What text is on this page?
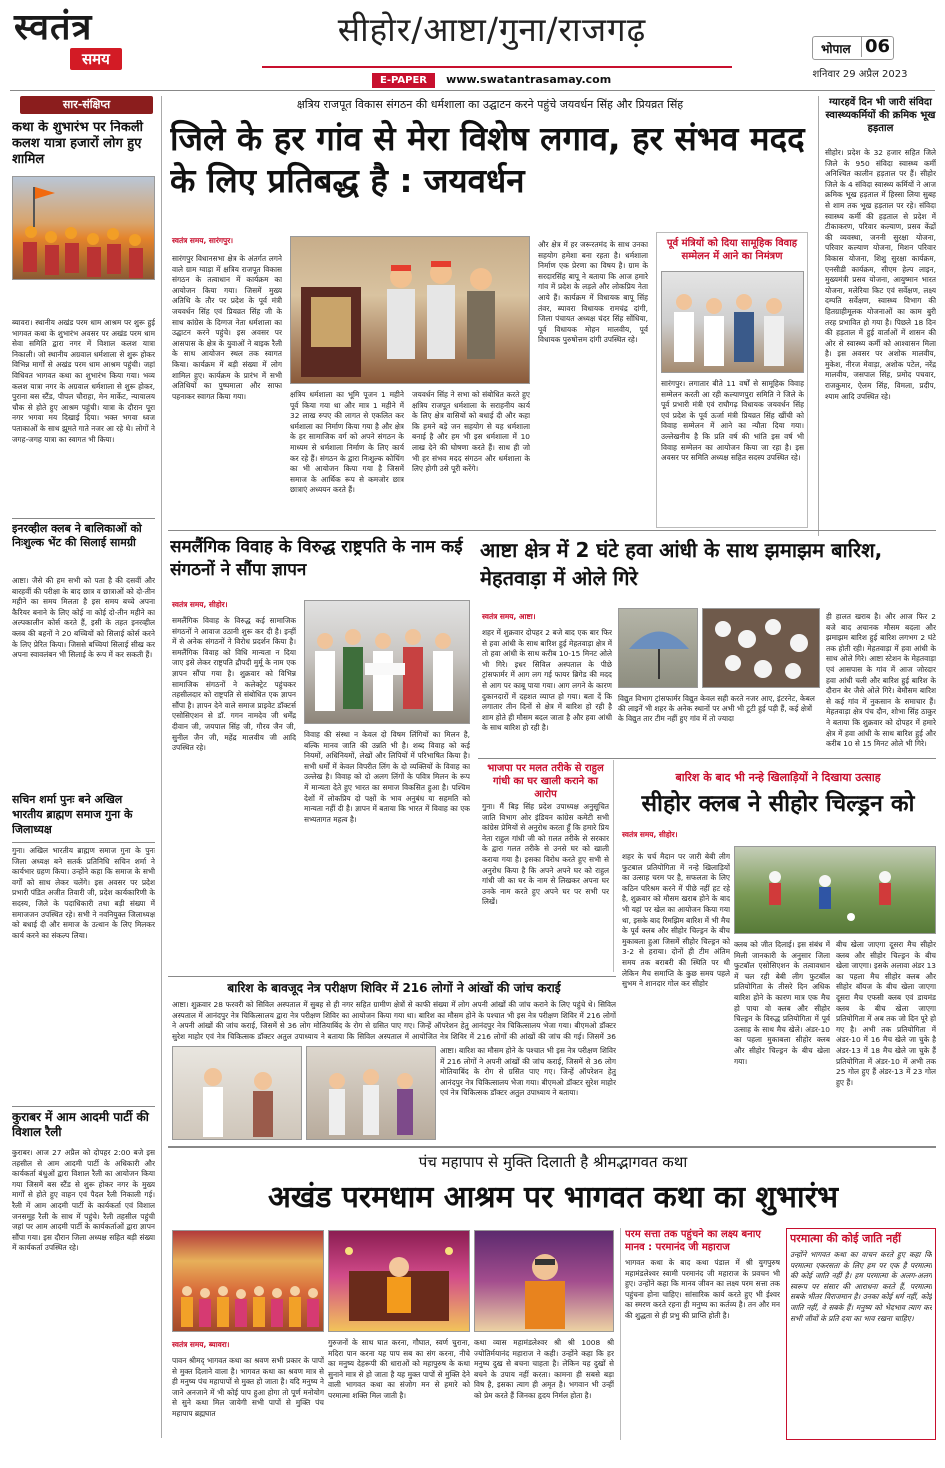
स्वतंत्र
समय
सीहोर/आष्टा/गुना/राजगढ़
E-PAPER www.swatantrasamay.com
भोपाल 06
शनिवार 29 अप्रैल 2023
सार-संक्षिप्त
कथा के शुभारंभ पर निकली कलश यात्रा हजारों लोग हुए शामिल
ब्यावरा। स्थानीय अखंड परम धाम आश्रम पर शुरू हुई भागवत कथा के शुभारंभ अवसर पर अखंड परम धाम सेवा समिति द्वारा नगर में विशाल कलश यात्रा निकाली। जो स्थानीय अग्रवाल धर्मशाला से शुरू होकर विभिन्न मार्गों से अखंड परम धाम आश्रम पहुंची। जहां विधिवत भागवत कथा का शुभारंभ किया गया। भव्य कलश यात्रा नगर के अग्रवाल धर्मशाला से शुरू होकर, पुराना बस स्टैंड, पीपल चौराहा, मेन मार्केट, न्यायालय चौक से होते हुए आश्रम पहुंची। यात्रा के दौरान पूरा नगर भगवा मय दिखाई दिया। भक्त भगवा ध्वज पताकाओं के साथ झूमते गाते नजर आ रहे थे। लोगों ने जगह-जगह यात्रा का स्वागत भी किया।
इनरव्हील क्लब ने बालिकाओं को निःशुल्क भेंट की सिलाई सामग्री
आष्टा। जैसे की हम सभी को पता है की दसवीं और बारहवीं की परीक्षा के बाद छात्र व छात्राओं को दो-तीन महीने का समय मिलता है इस समय बच्चे अपना कैरियर बनाने के लिए कोई ना कोई दो-तीन महीने का अल्पकालीन कोर्स करते हैं, इसी के तहत इनरव्हील क्लब की बहनों ने 20 बच्चियों को सिलाई कोर्स करने के लिए प्रेरित किया। जिससे बच्चियां सिलाई सीख कर अपना स्वावलंबन भी सिलाई के रूप में कर सकती हैं।
सचिन शर्मा पुनः बने अखिल भारतीय ब्राह्मण समाज गुना के जिलाध्यक्ष
गुना। अखिल भारतीय ब्राह्मण समाज गुना के पुनः जिला अध्यक्ष बने सतर्क प्रतिनिधि सचिन शर्मा ने कार्यभार ग्रहण किया। उन्होंने कहा कि समाज के सभी वर्गों को साथ लेकर चलेंगे। इस अवसर पर प्रदेश प्रभारी पंडित अजीत तिवारी जी, प्रदेश कार्यकारिणी के सदस्य, जिले के पदाधिकारी तथा बड़ी संख्या में समाजजन उपस्थित रहे। सभी ने नवनियुक्त जिलाध्यक्ष को बधाई दी और समाज के उत्थान के लिए मिलकर कार्य करने का संकल्प लिया।
कुराबर में आम आदमी पार्टी की विशाल रैली
कुराबर। आज 27 अप्रैल को दोपहर 2:00 बजे इस तहसील से आम आदमी पार्टी के अधिकारी और कार्यकर्ता बंधुओं द्वारा विशाल रैली का आयोजन किया गया जिसमें बस स्टैंड से शुरू होकर नगर के मुख्य मार्गों से होते हुए वाहन एवं पैदल रैली निकाली गई। रैली में आम आदमी पार्टी के कार्यकर्ता एवं विशाल जनसमूह रैली के साथ में पहुंचे। रैली तहसील पहुंची जहां पर आम आदमी पार्टी के कार्यकर्ताओं द्वारा ज्ञापन सौंपा गया। इस दौरान जिला अध्यक्ष सहित बड़ी संख्या में कार्यकर्ता उपस्थित रहे।
क्षत्रिय राजपूत विकास संगठन की धर्मशाला का उद्घाटन करने पहुंचे जयवर्धन सिंह और प्रियव्रत सिंह
जिले के हर गांव से मेरा विशेष लगाव, हर संभव मदद के लिए प्रतिबद्ध है : जयवर्धन
स्वतंत्र समय, सारंगपुर।
सारंगपुर विधानसभा क्षेत्र के अंतर्गत लगने वाले ग्राम ग्वाड़ा में क्षत्रिय राजपूत विकास संगठन के तत्वाधान में कार्यक्रम का आयोजन किया गया। जिसमें मुख्य अतिथि के तौर पर प्रदेश के पूर्व मंत्री जयवर्धन सिंह एवं प्रियव्रत सिंह जी के साथ कांग्रेस के दिग्गज नेता धर्मशाला का उद्घाटन करने पहुंचे। इस अवसर पर आसपास के क्षेत्र के युवाओं ने बाइक रैली के साथ आयोजन स्थल तक स्वागत किया। कार्यक्रम में बड़ी संख्या में लोग शामिल हुए। कार्यक्रम के प्रारंभ में सभी अतिथियों का पुष्पमाला और साफा पहनाकर स्वागत किया गया।	क्षत्रिय धर्मशाला का भूमि पूजन 1 महीने पूर्व किया गया था और मात्र 1 महीने में 32 लाख रुपए की लागत से एकलित कर धर्मशाला का निर्माण किया गया है और क्षेत्र के हर सामाजिक वर्ग को अपने संगठन के माध्यम से धर्मशाला निर्माण के लिए कार्य कर रहे हैं। संगठन के द्वारा निःशुल्क कोचिंग का भी आयोजन किया गया है जिसमें समाज के आर्थिक रूप से कमजोर छात्र छात्राएं अध्ययन करते हैं।
जयवर्धन सिंह ने सभा को संबोधित करते हुए क्षत्रिय राजपूत धर्मशाला के सराहनीय कार्य के लिए क्षेत्र वासियों को बधाई दी और कहा कि हमने बड़े जन सहयोग से यह धर्मशाला बनाई है और हम भी इस धर्मशाला में 10 लाख देने की घोषणा करते हैं। साथ ही जो भी हर संभव मदद संगठन और धर्मशाला के लिए होगी उसे पूरी करेंगे।
और क्षेत्र में हर जरूरतमंद के साथ उनका सहयोग हमेशा बना रहता है। धर्मशाला निर्माण एक प्रेरणा का विषय है। ग्राम के सरदारसिंह बापू ने बताया कि आज हमारे गांव में प्रदेश के लड़ले और लोकप्रिय नेता आये हैं। कार्यक्रम में विधायक बापू सिंह तंवर, ब्यावरा विधायक रामचंद्र दांगी, जिला पंचायत अध्यक्ष चंदर सिंह सोंधिया, पूर्व विधायक मोहन मालवीय, पूर्व विधायक पुरुषोत्तम दांगी उपस्थित रहे।
पूर्व मंत्रियों को दिया सामूहिक विवाह सम्मेलन में आने का निमंत्रण
सारंगपुर। लगातार बीते 11 वर्षों से सामूहिक विवाह सम्मेलन करती आ रही कल्याणपुरा समिति ने जिले के पूर्व प्रभारी मंत्री एवं राघौगढ़ विधायक जयवर्धन सिंह एवं प्रदेश के पूर्व ऊर्जा मंत्री प्रियव्रत सिंह खींची को विवाह सम्मेलन में आने का न्यौता दिया गया। उल्लेखनीय है कि प्रति वर्ष की भांति इस वर्ष भी विवाह सम्मेलन का आयोजन किया जा रहा है। इस अवसर पर समिति अध्यक्ष सहित सदस्य उपस्थित रहे।
ग्यारहवें दिन भी जारी संविदा स्वास्थ्यकर्मियों की क्रमिक भूख हड़ताल
सीहोर। प्रदेश के 32 हजार सहित जिले जिले के 950 संविदा स्वास्थ्य कर्मी अनिश्चित कालीन हड़ताल पर हैं। सीहोर जिले के 4 संविदा स्वास्थ्य कर्मियों ने आज क्रमिक भूख हड़ताल में हिस्सा लिया सुबह से शाम तक भूख हड़ताल पर रहे। संविदा स्वास्थ्य कर्मी की हड़ताल से प्रदेश में टीकाकरण, परिवार कल्याण, प्रसव केंद्रों की व्यवस्था, जननी सुरक्षा योजना, परिवार कल्याण योजना, मिशन परिवार विकास योजना, शिशु सुरक्षा कार्यक्रम, एनसीडी कार्यक्रम, सीएम हेल्प लाइन, मुख्यमंत्री प्रसव योजना, आयुष्मान भारत योजना, मलेरिया किट एवं सर्वेक्षण, लक्ष्य दम्पति सर्वेक्षण, स्वास्थ्य विभाग की हितग्राहीमूलक योजनाओं का काम बुरी तरह प्रभावित हो गया है। पिछले 18 दिन की हड़ताल में हुई वार्ताओं में शासन की ओर से स्वास्थ्य कर्मी को आश्वासन मिला है। इस अवसर पर अशोक मालवीय, मुकेश, नीरज मेवाड़ा, अशोक पटेल, नरेंद्र मालवीय, जसपाल सिंह, प्रमोद पचवार, राजकुमार, ऐलम सिंह, विमला, प्रदीप, श्याम आदि उपस्थित रहे।
समलैंगिक विवाह के विरुद्ध राष्ट्रपति के नाम कई संगठनों ने सौंपा ज्ञापन
स्वतंत्र समय, सीहोर।
समलैंगिक विवाह के विरुद्ध कई सामाजिक संगठनों ने आवाज उठानी शुरू कर दी है। इन्हीं में से अनेक संगठनों ने विरोध प्रदर्शन किया है। समलैंगिक विवाह को विधि मान्यता न दिया जाए इसे लेकर राष्ट्रपति द्रौपदी मुर्मू के नाम एक ज्ञापन सौंपा गया है। शुक्रवार को विभिन्न सामाजिक संगठनों ने कलेक्ट्रेट पहुंचकर तहसीलदार को राष्ट्रपति से संबोधित एक ज्ञापन सौंपा है। ज्ञापन देने वाले समाज प्राइवेट डॉक्टर्स एसोसिएशन से डॉ. गगन नामदेव जी धर्मेंद्र दीवान जी, जयपाल सिंह जी, गौरव जैन जी, सुनील जैन जी, महेंद्र मालवीय जी आदि उपस्थित रहे।
विवाह की संस्था न केवल दो विषम लिंगियों का मिलन है, बल्कि मानव जाति की उन्नति भी है। शब्द विवाह को कई नियमों, अधिनियमों, लेखों और लिपियों में परिभाषित किया है। सभी धर्मों में केवल विपरीत लिंग के दो व्यक्तियों के विवाह का उल्लेख है। विवाह को दो अलग लिंगों के पवित्र मिलन के रूप में मान्यता देते हुए भारत का समाज विकसित हुआ है। पश्चिम देशों में लोकप्रिय दो पक्षों के भाव अनुबंध या सहमति को मान्यता नहीं दी है। ज्ञापन में बताया कि भारत में विवाह का एक सभ्यतागत महत्व है।
आष्टा क्षेत्र में 2 घंटे हवा आंधी के साथ झमाझम बारिश, मेहतवाड़ा में ओले गिरे
स्वतंत्र समय, आष्टा।
शहर में शुक्रवार दोपहर 2 बजे बाद एक बार फिर से हवा आंधी के साथ बारिश हुई मेहतवाड़ा क्षेत्र में तो हवा आंधी के साथ करीब 10-15 मिनट ओले भी गिरे। इधर सिविल अस्पताल के पीछे ट्रांसफार्मर में आग लग गई फायर ब्रिगेड की मदद से आग पर काबू पाया गया। आग लगने के कारण दुकानदारों में दहशत व्याप्त हो गया। बता दें कि लगातार तीन दिनों से क्षेत्र में बारिश हो रही है शाम होते ही मौसम बदल जाता है और हवा आंधी के साथ बारिश हो रही है।
विद्युत विभाग ट्रांसफार्मर विद्युत केवल सही करते नजर आए, इंटरनेट, केबल की लाइनें भी शहर के अनेक स्थानों पर अभी भी टूटी हुई पड़ी हैं, कई क्षेत्रों के विद्युत तार टीम नहीं हुए गांव में तो ज्यादा
ही हालत खराब है। और आज फिर 2 बजे बाद अचानक मौसम बदला और झमाझम बारिश हुई बारिश लगभग 2 घंटे तक होती रही। मेहतवाड़ा में हवा आंधी के साथ ओले गिरे। आष्टा स्टेशन के मेहतवाड़ा एवं आसपास के गांव में आज जोरदार हवा आंधी चली और बारिश हुई बारिश के दौरान बेर जैसे ओले गिरे। बेमौसम बारिश से कई गांव में नुकसान के समाचार हैं। मेहतवाड़ा क्षेत्र पंच दौन, शोभा सिंह ठाकुर ने बताया कि शुक्रवार को दोपहर में हमारे क्षेत्र में हवा आंधी के साथ बारिश हुई और करीब 10 से 15 मिनट ओले भी गिरे।
भाजपा पर मलत तरीके से राहुल गांधी का घर खाली कराने का आरोप
गुना। मैं बिड़ सिंह प्रदेश उपाध्यक्ष अनुसूचित जाति विभाग ओर इंडियन कांग्रेस कमेटी सभी कांग्रेस प्रेमियों से अनुरोध करता हूँ कि हमारे प्रिय नेता राहुल गांधी जी को ग़लत तरीके से सरकार के द्वारा गलत तरीके से उनसे घर को खाली कराया गया है। इसका विरोध करते हुए सभी से अनुरोध किया है कि अपने अपने घर को राहुल गांधी जी का घर के नाम से लिखकर अपना घर उनके नाम करते हुए अपने घर पर सभी पर लिखें।
बारिश के बाद भी नन्हे खिलाड़ियों ने दिखाया उत्साह
सीहोर क्लब ने सीहोर चिल्ड्रन को
स्वतंत्र समय, सीहोर।
शहर के चर्च मैदान पर जारी बेबी लीग फुटबाल प्रतियोगिता में नन्हे खिलाड़ियों का उत्साह चरम पर है, सफलता के लिए कठिन परिश्रम करने में पीछे नहीं हट रहे है, शुक्रवार को मौसम खराब होने के बाद भी यहां पर खेल का आयोजन किया गया था, इसके बाद रिमझिम बारिश में भी मैच के पूर्व क्लब और सीहोर चिल्ड्रन के बीच मुकाबला हुआ जिसमें सीहोर चिल्ड्रन को 3-2 से हराया। दोनों ही टीम अंतिम समय तक बराबरी की स्थिति पर थी लेकिन मैच समाप्ति के कुछ समय पहले सुभम ने शानदार गोल कर सीहोर
क्लब को जीत दिलाई। इस संबंध में मिली जानकारी के अनुसार जिला फुटबॉल एसोसिएशन के तत्वावधान में चल रही बेबी लीग फुटबॉल प्रतियोगिता के तीसरे दिन अधिक बारिश होने के कारण मात्र एक मैच हो पाया वो क्लब और सीहोर चिल्ड्रन के विरुद्ध प्रतियोगिता में पूर्व उत्साह के साथ मैच खेले। अंडर-10 का पहला मुकाबला सीहोर क्लब और सीहोर चिल्ड्रन के बीच खेला गया।
बीच खेला जाएगा दूसरा मैच सीहोर क्लब और सीहोर चिल्ड्रन के बीच खेला जाएगा। इसके अलावा अंडर 13 का पहला मैच सीहोर क्लब और सीहोर बॉयज के बीच खेला जाएगा दूसरा मैच एफसी क्लब एवं डायमंड क्लब के बीच खेला जाएगा प्रतियोगिता में अब तक जो दिन पूरे हो गए है। अभी तक प्रतियोगिता में अंडर-10 में 16 मैच खेले जा चुके है अंडर-13 में 18 मैच खेले जा चुके हैं प्रतियोगिता में अंडर-10 में अभी तक 25 गोल हुए हैं अंडर-13 में 23 गोल हुए हैं।
बारिश के बावजूद नेत्र परीक्षण शिविर में 216 लोगों ने आंखों की जांच कराई
आष्टा। शुक्रवार 28 फरवरी को सिविल अस्पताल में सुबह से ही नगर सहित ग्रामीण क्षेत्रों से काफी संख्या में लोग अपनी आंखों की जांच कराने के लिए पहुंचे थे। सिविल अस्पताल में आनंदपुर नेत्र चिकित्सालय द्वारा नेत्र परीक्षण शिविर का आयोजन किया गया था। बारिश का मौसम होने के पश्चात भी इस नेत्र परीक्षण शिविर में 216 लोगों ने अपनी आंखों की जांच कराई, जिसमें से 36 लोग मोतियाबिंद के रोग से ग्रसित पाए गए। जिन्हें ऑपरेशन हेतु आनंदपुर नेत्र चिकित्सालय भेजा गया। बीएमओ डॉक्टर सुरेश माहोर एवं नेत्र चिकित्सक डॉक्टर अतुल उपाध्याय ने बताया कि सिविल अस्पताल में आयोजित नेत्र शिविर में 216 लोगों की आंखों की जांच की गई। जिसमें 36
आष्टा। बारिश का मौसम होने के पश्चात भी इस नेत्र परीक्षण शिविर में 216 लोगों ने अपनी आंखों की जांच कराई, जिसमें से 36 लोग मोतियाबिंद के रोग से ग्रसित पाए गए। जिन्हें ऑपरेशन हेतु आनंदपुर नेत्र चिकित्सालय भेजा गया। बीएमओ डॉक्टर सुरेश माहोर एवं नेत्र चिकित्सक डॉक्टर अतुल उपाध्याय ने बताया।
पंच महापाप से मुक्ति दिलाती है श्रीमद्भागवत कथा
अखंड परमधाम आश्रम पर भागवत कथा का शुभारंभ
स्वतंत्र समय, ब्यावरा।
पावन श्रीमद् भागवत कथा का श्रवण सभी प्रकार के पापों से मुक्त दिलाने वाला है। भागवत कथा का श्रवण मात्र से ही मनुष्य पंच महापापों से मुक्त हो जाता है। यदि मनुष्य ने जाने अनजाने में भी कोई पाप हुआ होगा तो पूर्ण मनोयोग से सुने कथा मिल जायेगी सभी पापों से मुक्ति पंच महापाप ब्रह्मघात
गुरुजनों के साथ घात करना, गौघात, स्वर्ण चुराना, मदिरा पान करना यह पाप सब का संग करना, नीचे का मनुष्य देहरूपी की धाराओं को महापुरुष के कथा सुनाने मात्र से हो जाता है यह मुक्त पापों से मुक्ति देने वाली भागवत कथा का संजोग मन से हमारे को परमात्मा शक्ति मिल जाती है।
कथा व्यास महामंडलेश्वर श्री श्री 1008 श्री ज्योतिर्मयानंद महाराज ने कही। उन्होंने कहा कि हर मनुष्य दुख से बचना चाहता है। लेकिन यह दुखों से बचने के उपाय नहीं करता। कामना ही सबसे बड़ा विष है, इसका त्याग ही अमृत है। भगवान भी उन्हीं को प्रेम करते हैं जिनका हृदय निर्मल होता है।
परम सत्ता तक पहुंचने का लक्ष्य बनाए मानव : परमानंद जी महाराज
भागवत कथा के बाद कथा पंडाल में श्री युगपुरुष महामंडलेश्वर स्वामी परमानंद जी महाराज के प्रवचन भी हुए। उन्होंने कहा कि मानव जीवन का लक्ष्य परम सत्ता तक पहुंचना होना चाहिए। सांसारिक कार्य करते हुए भी ईश्वर का स्मरण करते रहना ही मनुष्य का कर्तव्य है। तन और मन की शुद्धता से ही प्रभु की प्राप्ति होती है।
परमात्मा की कोई जाति नहीं
उन्होंने भागवत कथा का वाचन करते हुए कहा कि परमात्मा एकरसता के लिए हम पर एक है परमात्मा की कोई जाति नहीं है। हम परमात्मा के अलग-अलग स्वरूप पर संसार की आराधना करते हैं, परमात्मा सबके भीतर विराजमान है। उनका कोई धर्म नहीं, कोई जाति नहीं, वे सबके हैं। मनुष्य को भेदभाव त्याग कर सभी जीवों के प्रति दया का भाव रखना चाहिए।
